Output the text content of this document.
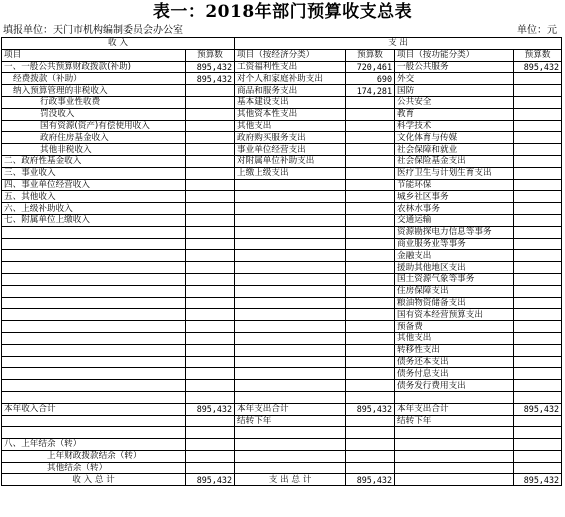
表一：2018年部门预算收支总表
填报单位：天门市机构编制委员会办公室	单位：元
收 入		支 出			
项目	预算数	项目（按经济分类）	预算数	项目（按功能分类）	预算数
一、一般公共预算财政拨款(补助)	895,432	工资福利性支出	720,461	一般公共服务	895,432
经费拨款（补助）	895,432	对个人和家庭补助支出	690	外交	
纳入预算管理的非税收入		商品和服务支出	174,281	国防	
行政事业性收费		基本建设支出		公共安全	
罚没收入		其他资本性支出		教育	
国有资源(资产)有偿使用收入		其他支出		科学技术	
政府住房基金收入		政府购买服务支出		文化体育与传媒	
其他非税收入		事业单位经营支出		社会保障和就业	
二、政府性基金收入		对附属单位补助支出		社会保险基金支出	
三、事业收入		上缴上级支出		医疗卫生与计划生育支出	
四、事业单位经营收入				节能环保	
五、其他收入				城乡社区事务	
六、上级补助收入				农林水事务	
七、附属单位上缴收入				交通运输	
				资源勘探电力信息等事务	
				商业服务业等事务	
				金融支出	
				援助其他地区支出	
				国土资源气象等事务	
				住房保障支出	
				粮油物资储备支出	
				国有资本经营预算支出	
				预备费	
				其他支出	
				转移性支出	
				债务还本支出	
				债务付息支出	
				债务发行费用支出	

本年收入合计	895,432	本年支出合计	895,432	本年支出合计	895,432
		结转下年		结转下年	

八、上年结余（转）					
上年财政拨款结余（转）					
其他结余（转）					
收 入 总 计	895,432	支 出 总 计	895,432		895,432
